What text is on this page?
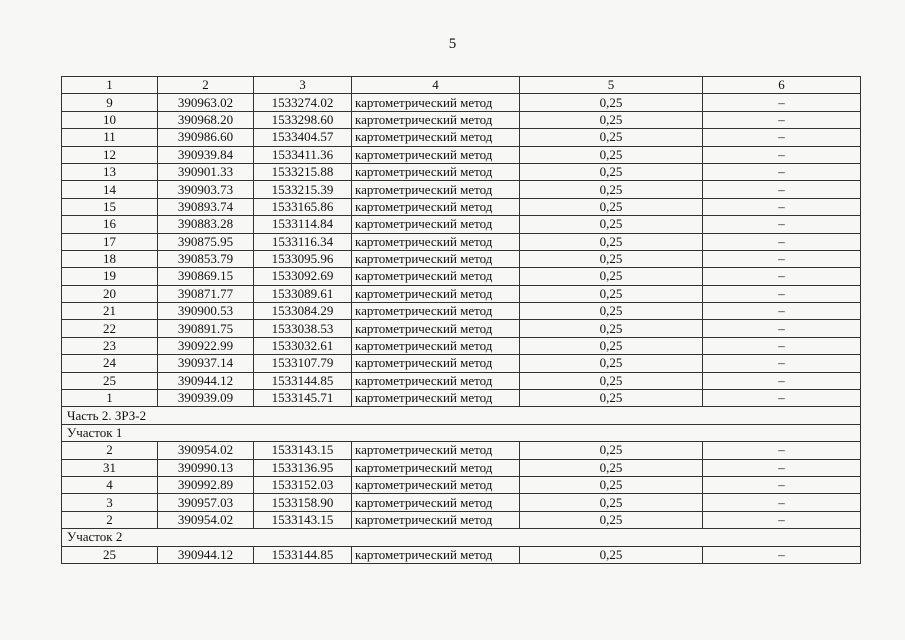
5
1	2	3	4	5	6
9	390963.02	1533274.02	картометрический метод	0,25	–
10	390968.20	1533298.60	картометрический метод	0,25	–
11	390986.60	1533404.57	картометрический метод	0,25	–
12	390939.84	1533411.36	картометрический метод	0,25	–
13	390901.33	1533215.88	картометрический метод	0,25	–
14	390903.73	1533215.39	картометрический метод	0,25	–
15	390893.74	1533165.86	картометрический метод	0,25	–
16	390883.28	1533114.84	картометрический метод	0,25	–
17	390875.95	1533116.34	картометрический метод	0,25	–
18	390853.79	1533095.96	картометрический метод	0,25	–
19	390869.15	1533092.69	картометрический метод	0,25	–
20	390871.77	1533089.61	картометрический метод	0,25	–
21	390900.53	1533084.29	картометрический метод	0,25	–
22	390891.75	1533038.53	картометрический метод	0,25	–
23	390922.99	1533032.61	картометрический метод	0,25	–
24	390937.14	1533107.79	картометрический метод	0,25	–
25	390944.12	1533144.85	картометрический метод	0,25	–
1	390939.09	1533145.71	картометрический метод	0,25	–
Часть 2. ЗРЗ-2					
Участок 1					
2	390954.02	1533143.15	картометрический метод	0,25	–
31	390990.13	1533136.95	картометрический метод	0,25	–
4	390992.89	1533152.03	картометрический метод	0,25	–
3	390957.03	1533158.90	картометрический метод	0,25	–
2	390954.02	1533143.15	картометрический метод	0,25	–
Участок 2					
25	390944.12	1533144.85	картометрический метод	0,25	–
